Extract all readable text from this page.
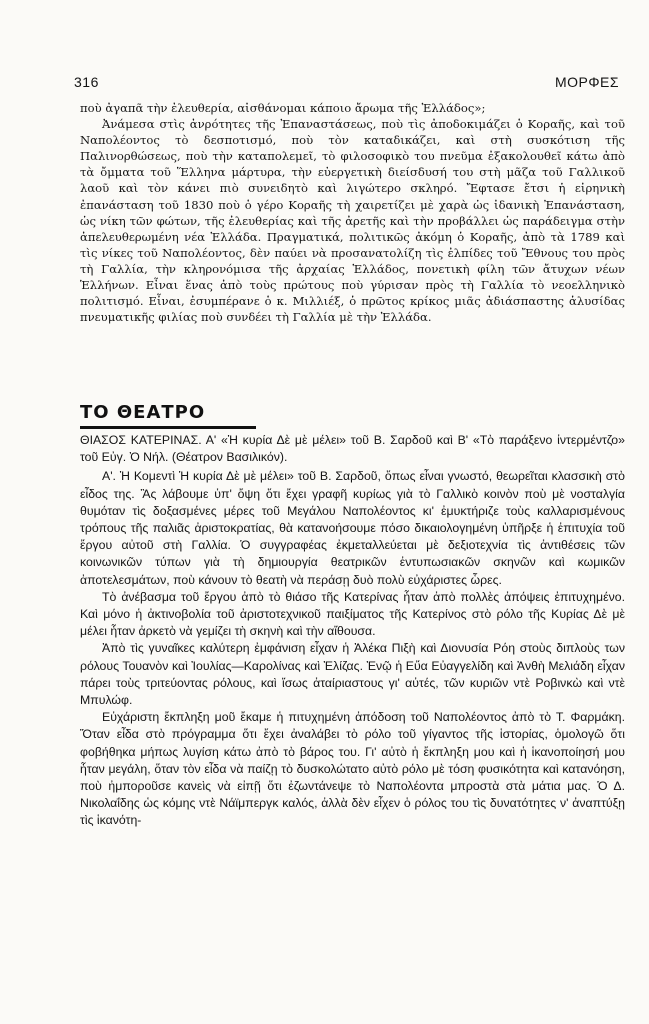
316	ΜΟΡΦΕΣ

ποὺ ἀγαπᾶ τὴν ἐλευθερία, αἰσθάνομαι κάποιο ἄρωμα τῆς Ἑλλάδος»;

Ἀνάμεσα στὶς ἀνρότητες τῆς Ἐπαναστάσεως, ποὺ τὶς ἀποδοκιμάζει ὁ Κοραῆς, καὶ τοῦ Ναπολέοντος τὸ δεσποτισμό, ποὺ τὸν καταδικάζει, καὶ στὴ συσκότιση τῆς Παλινορθώσεως, ποὺ τὴν καταπολεμεῖ, τὸ φιλοσοφικὸ του πνεῦμα ἐξακολουθεῖ κάτω ἀπὸ τὰ ὄμματα τοῦ Ἕλληνα μάρτυρα, τὴν εὐεργετικὴ διείσδυσή του στὴ μᾶζα τοῦ Γαλλικοῦ λαοῦ καὶ τὸν κάνει πιὸ συνειδητὸ καὶ λιγώτερο σκληρό. Ἔφτασε ἔτσι ἡ εἰρηνικὴ ἐπανάσταση τοῦ 1830 ποὺ ὁ γέρο Κοραῆς τὴ χαιρετίζει μὲ χαρὰ ὡς ἰδανικὴ Ἐπανάσταση, ὡς νίκη τῶν φώτων, τῆς ἐλευθερίας καὶ τῆς ἀρετῆς καὶ τὴν προβάλλει ὡς παράδειγμα στὴν ἀπελευθερωμένη νέα Ἑλλάδα. Πραγματικά, πολιτικῶς ἀκόμη ὁ Κοραῆς, ἀπὸ τὰ 1789 καὶ τὶς νίκες τοῦ Ναπολέοντος, δὲν παύει νὰ προσανατολίζη τὶς ἐλπίδες τοῦ Ἔθνους του πρὸς τὴ Γαλλία, τὴν κληρονόμισα τῆς ἀρχαίας Ἑλλάδος, πονετικὴ φίλη τῶν ἄτυχων νέων Ἑλλήνων. Εἶναι ἕνας ἀπὸ τοὺς πρώτους ποὺ γύρισαν πρὸς τὴ Γαλλία τὸ νεοελληνικὸ πολιτισμό. Εἶναι, ἐσυμπέρανε ὁ κ. Μιλλιέξ, ὁ πρῶτος κρίκος μιᾶς ἀδιάσπαστης ἁλυσίδας πνευματικῆς φιλίας ποὺ συνδέει τὴ Γαλλία μὲ τὴν Ἑλλάδα.

ΤΟ ΘΕΑΤΡΟ

ΘΙΑΣΟΣ ΚΑΤΕΡΙΝΑΣ. Α' «Ἡ κυρία Δὲ μὲ μέλει» τοῦ Β. Σαρδοῦ καὶ Β' «Τὸ παράξενο ἰντερμέντζο» τοῦ Εὐγ. Ὀ Νήλ. (Θέατρον Βασιλικόν).

Α'. Ἡ Κομεντὶ Ἡ κυρία Δὲ μὲ μέλει» τοῦ Β. Σαρδοῦ, ὅπως εἶναι γνωστό, θεωρεῖται κλασσικὴ στὸ εἶδος της. Ἂς λάβουμε ὑπ' ὄψη ὅτι ἔχει γραφῆ κυρίως γιὰ τὸ Γαλλικὸ κοινὸν ποὺ μὲ νοσταλγία θυμόταν τὶς δοξασμένες μέρες τοῦ Μεγάλου Ναπολέοντος κι' ἐμυκτήριζε τοὺς καλλαρισμένους τρόπους τῆς παλιᾶς ἀριστοκρατίας, θὰ κατανοήσουμε πόσο δικαιολογημένη ὑπῆρξε ἡ ἐπιτυχία τοῦ ἔργου αὐτοῦ στὴ Γαλλία. Ὁ συγγραφέας ἐκμεταλλεύεται μὲ δεξιοτεχνία τὶς ἀντιθέσεις τῶν κοινωνικῶν τύπων γιὰ τὴ δημιουργία θεατρικῶν ἐντυπωσιακῶν σκηνῶν καὶ κωμικῶν ἀποτελεσμάτων, ποὺ κάνουν τὸ θεατὴ νὰ περάσῃ δυὸ πολὺ εὐχάριστες ὧρες.

Τὸ ἀνέβασμα τοῦ ἔργου ἀπὸ τὸ θιάσο τῆς Κατερίνας ἦταν ἀπὸ πολλὲς ἀπόψεις ἐπιτυχημένο. Καὶ μόνο ἡ ἀκτινοβολία τοῦ ἀριστοτεχνικοῦ παιξίματος τῆς Κατερίνος στὸ ρόλο τῆς Κυρίας Δὲ μὲ μέλει ἦταν ἀρκετὸ νὰ γεμίζει τὴ σκηνὴ καὶ τὴν αἴθουσα.

Ἀπὸ τὶς γυναῖκες καλύτερη ἐμφάνιση εἶχαν ἡ Ἀλέκα Πιξὴ καὶ Διονυσία Ρόη στοὺς διπλοὺς των ρόλους Τουανὸν καὶ Ἰουλίας—Καρολίνας καὶ Ἐλίζας. Ἐνῷ ἡ Εὔα Εὐαγγελίδη καὶ Ἀνθὴ Μελιάδη εἶχαν πάρει τοὺς τριτεύοντας ρόλους, καὶ ἴσως ἀταίριαστους γι' αὐτές, τῶν κυριῶν ντὲ Ροβινκὼ καὶ ντὲ Μπυλώφ.

Εὐχάριστη ἔκπληξη μοῦ ἔκαμε ἡ πιτυχημένη ἀπόδοση τοῦ Ναπολέοντος ἀπὸ τὸ Τ. Φαρμάκη. Ὅταν εἶδα στὸ πρόγραμμα ὅτι ἔχει ἀναλάβει τὸ ρόλο τοῦ γίγαντος τῆς ἱστορίας, ὁμολογῶ ὅτι φοβήθηκα μήπως λυγίση κάτω ἀπὸ τὸ βάρος του. Γι' αὐτὸ ἡ ἔκπληξη μου καὶ ἡ ἱκανοποίησή μου ἦταν μεγάλη, ὅταν τὸν εἶδα νὰ παίζῃ τὸ δυσκολώτατο αὐτὸ ρόλο μὲ τόση φυσικότητα καὶ κατανόηση, ποὺ ἠμποροῦσε κανεὶς νὰ εἰπῇ ὅτι ἐζωντάνεψε τὸ Ναπολέοντα μπροστὰ στὰ μάτια μας. Ὁ Δ. Νικολαΐδης ὡς κόμης ντὲ Νάϊμπεργκ καλός, ἀλλὰ δὲν εἶχεν ὁ ρόλος του τὶς δυνατότητες ν' ἀναπτύξῃ τὶς ἱκανότη-
